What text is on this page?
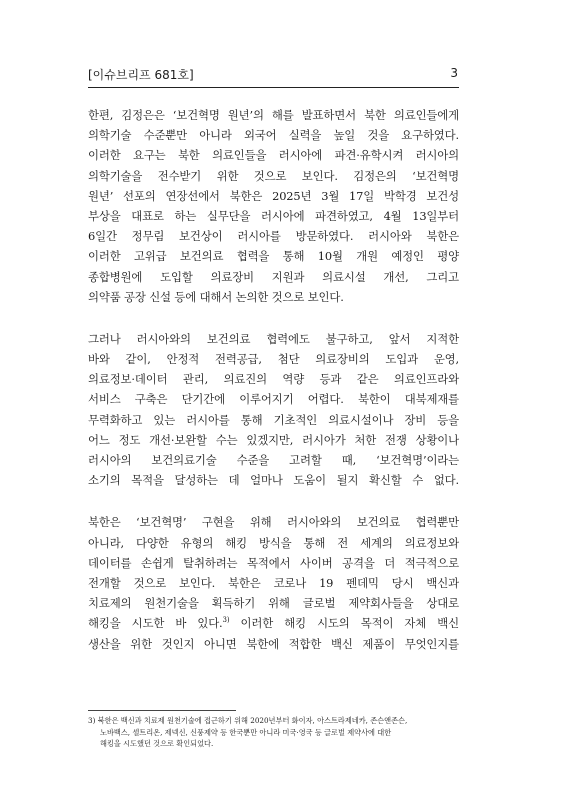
[이슈브리프 681호]	3
한편, 김정은은 ‘보건혁명 원년’의 해를 발표하면서 북한 의료인들에게
의학기술 수준뿐만 아니라 외국어 실력을 높일 것을 요구하였다.
이러한 요구는 북한 의료인들을 러시아에 파견·유학시켜 러시아의
의학기술을 전수받기 위한 것으로 보인다. 김정은의 ‘보건혁명
원년’ 선포의 연장선에서 북한은 2025년 3월 17일 박학경 보건성
부상을 대표로 하는 실무단을 러시아에 파견하였고, 4월 13일부터
6일간 정무림 보건상이 러시아를 방문하였다. 러시아와 북한은
이러한 고위급 보건의료 협력을 통해 10월 개원 예정인 평양
종합병원에 도입할 의료장비 지원과 의료시설 개선, 그리고
의약품 공장 신설 등에 대해서 논의한 것으로 보인다.
그러나 러시아와의 보건의료 협력에도 불구하고, 앞서 지적한
바와 같이, 안정적 전력공급, 첨단 의료장비의 도입과 운영,
의료정보·데이터 관리, 의료진의 역량 등과 같은 의료인프라와
서비스 구축은 단기간에 이루어지기 어렵다. 북한이 대북제재를
무력화하고 있는 러시아를 통해 기초적인 의료시설이나 장비 등을
어느 정도 개선·보완할 수는 있겠지만, 러시아가 처한 전쟁 상황이나
러시아의 보건의료기술 수준을 고려할 때, ‘보건혁명’이라는
소기의 목적을 달성하는 데 얼마나 도움이 될지 확신할 수 없다.
북한은 ‘보건혁명’ 구현을 위해 러시아와의 보건의료 협력뿐만
아니라, 다양한 유형의 해킹 방식을 통해 전 세계의 의료정보와
데이터를 손쉽게 탈취하려는 목적에서 사이버 공격을 더 적극적으로
전개할 것으로 보인다. 북한은 코로나 19 펜데믹 당시 백신과
치료제의 원천기술을 획득하기 위해 글로벌 제약회사들을 상대로
해킹을 시도한 바 있다.$^{3)}$ 이러한 해킹 시도의 목적이 자체 백신
생산을 위한 것인지 아니면 북한에 적합한 백신 제품이 무엇인지를
3) 북한은 백신과 치료제 원천기술에 접근하기 위해 2020년부터 화이자, 아스트라제네카, 존슨앤존슨,
노바백스, 셀트리온, 제넥신, 신풍제약 등 한국뿐만 아니라 미국·영국 등 글로벌 제약사에 대한
해킹을 시도했던 것으로 확인되었다.
